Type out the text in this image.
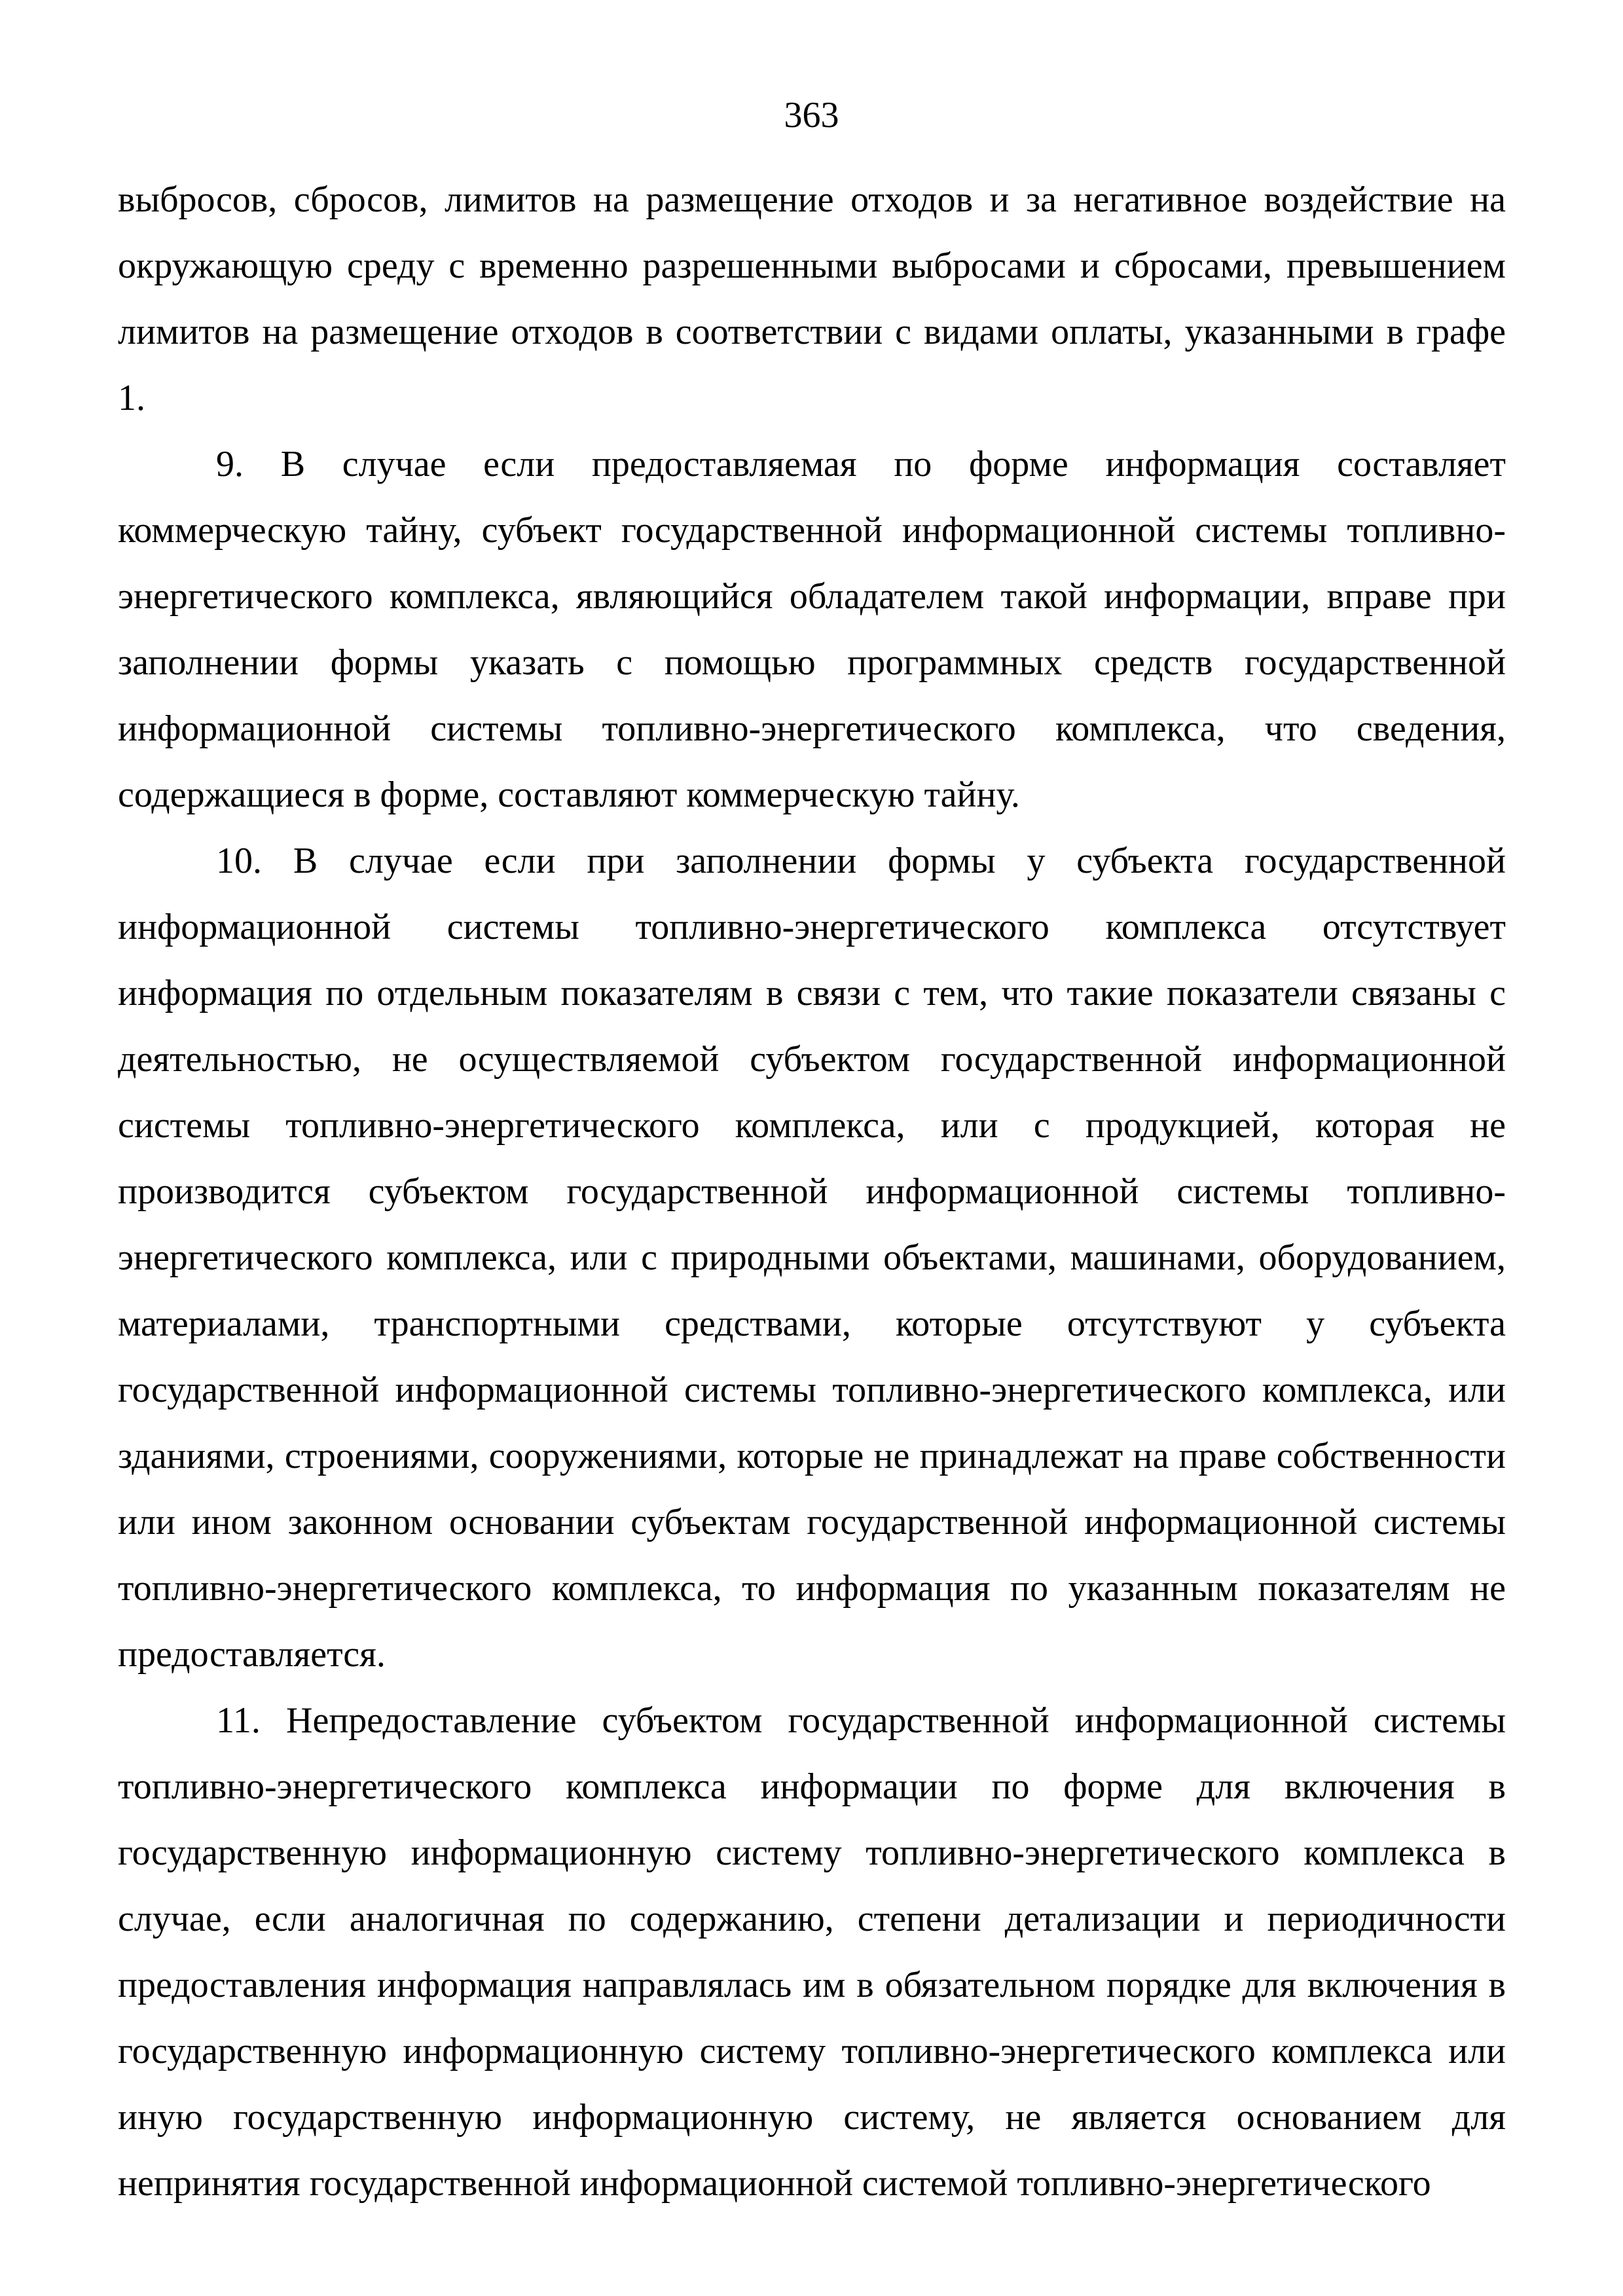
363

выбросов, сбросов, лимитов на размещение отходов и за негативное воздействие на окружающую среду с временно разрешенными выбросами и сбросами, превышением лимитов на размещение отходов в соответствии с видами оплаты, указанными в графе 1.

9. В случае если предоставляемая по форме информация составляет коммерческую тайну, субъект государственной информационной системы топливно-энергетического комплекса, являющийся обладателем такой информации, вправе при заполнении формы указать с помощью программных средств государственной информационной системы топливно-энергетического комплекса, что сведения, содержащиеся в форме, составляют коммерческую тайну.

10. В случае если при заполнении формы у субъекта государственной информационной системы топливно-энергетического комплекса отсутствует информация по отдельным показателям в связи с тем, что такие показатели связаны с деятельностью, не осуществляемой субъектом государственной информационной системы топливно-энергетического комплекса, или с продукцией, которая не производится субъектом государственной информационной системы топливно-энергетического комплекса, или с природными объектами, машинами, оборудованием, материалами, транспортными средствами, которые отсутствуют у субъекта государственной информационной системы топливно-энергетического комплекса, или зданиями, строениями, сооружениями, которые не принадлежат на праве собственности или ином законном основании субъектам государственной информационной системы топливно-энергетического комплекса, то информация по указанным показателям не предоставляется.

11. Непредоставление субъектом государственной информационной системы топливно-энергетического комплекса информации по форме для включения в государственную информационную систему топливно-энергетического комплекса в случае, если аналогичная по содержанию, степени детализации и периодичности предоставления информация направлялась им в обязательном порядке для включения в государственную информационную систему топливно-энергетического комплекса или иную государственную информационную систему, не является основанием для непринятия государственной информационной системой топливно-энергетического
